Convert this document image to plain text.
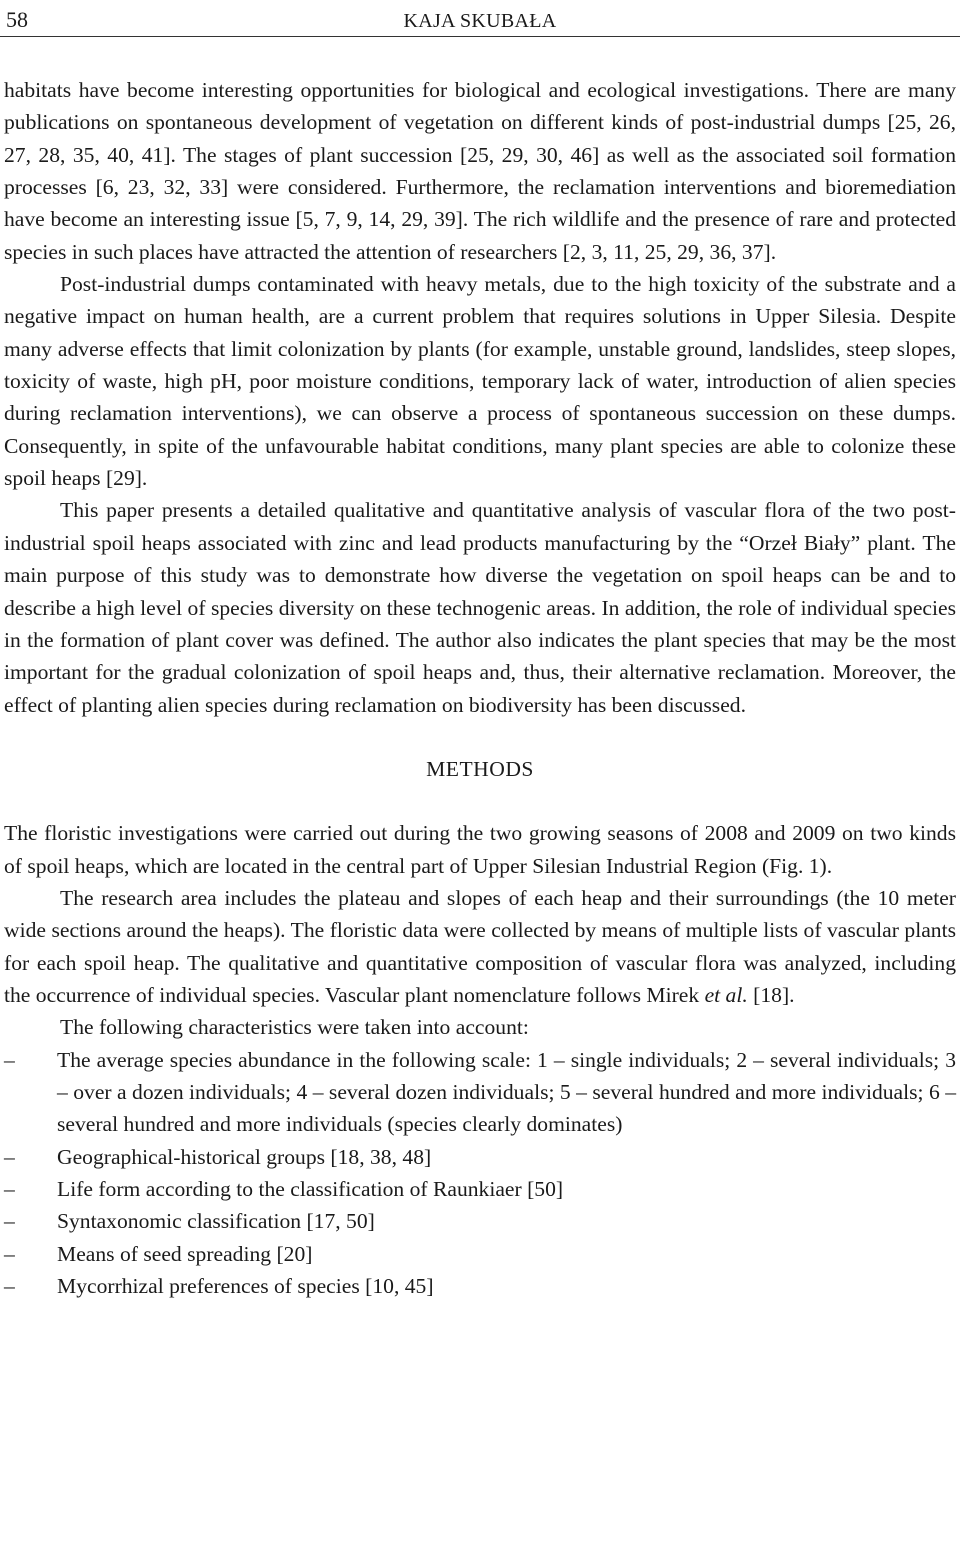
58	KAJA SKUBAŁA

habitats have become interesting opportunities for biological and ecological investigations. There are many publications on spontaneous development of vegetation on different kinds of post-industrial dumps [25, 26, 27, 28, 35, 40, 41]. The stages of plant succession [25, 29, 30, 46] as well as the associated soil formation processes [6, 23, 32, 33] were considered. Furthermore, the reclamation interventions and bioremediation have become an interesting issue [5, 7, 9, 14, 29, 39]. The rich wildlife and the presence of rare and protected species in such places have attracted the attention of researchers [2, 3, 11, 25, 29, 36, 37].

Post-industrial dumps contaminated with heavy metals, due to the high toxicity of the substrate and a negative impact on human health, are a current problem that requires solutions in Upper Silesia. Despite many adverse effects that limit colonization by plants (for example, unstable ground, landslides, steep slopes, toxicity of waste, high pH, poor moisture conditions, temporary lack of water, introduction of alien species during reclamation interventions), we can observe a process of spontaneous succession on these dumps. Consequently, in spite of the unfavourable habitat conditions, many plant species are able to colonize these spoil heaps [29].

This paper presents a detailed qualitative and quantitative analysis of vascular flora of the two post-industrial spoil heaps associated with zinc and lead products manufacturing by the “Orzeł Biały” plant. The main purpose of this study was to demonstrate how diverse the vegetation on spoil heaps can be and to describe a high level of species diversity on these technogenic areas. In addition, the role of individual species in the formation of plant cover was defined. The author also indicates the plant species that may be the most important for the gradual colonization of spoil heaps and, thus, their alternative reclamation. Moreover, the effect of planting alien species during reclamation on biodiversity has been discussed.

METHODS

The floristic investigations were carried out during the two growing seasons of 2008 and 2009 on two kinds of spoil heaps, which are located in the central part of Upper Silesian Industrial Region (Fig. 1).

The research area includes the plateau and slopes of each heap and their surroundings (the 10 meter wide sections around the heaps). The floristic data were collected by means of multiple lists of vascular plants for each spoil heap. The qualitative and quantitative composition of vascular flora was analyzed, including the occurrence of individual species. Vascular plant nomenclature follows Mirek et al. [18].

The following characteristics were taken into account:

– The average species abundance in the following scale: 1 – single individuals; 2 – several individuals; 3 – over a dozen individuals; 4 – several dozen individuals; 5 – several hundred and more individuals; 6 – several hundred and more individuals (species clearly dominates)
– Geographical-historical groups [18, 38, 48]
– Life form according to the classification of Raunkiaer [50]
– Syntaxonomic classification [17, 50]
– Means of seed spreading [20]
– Mycorrhizal preferences of species [10, 45]
